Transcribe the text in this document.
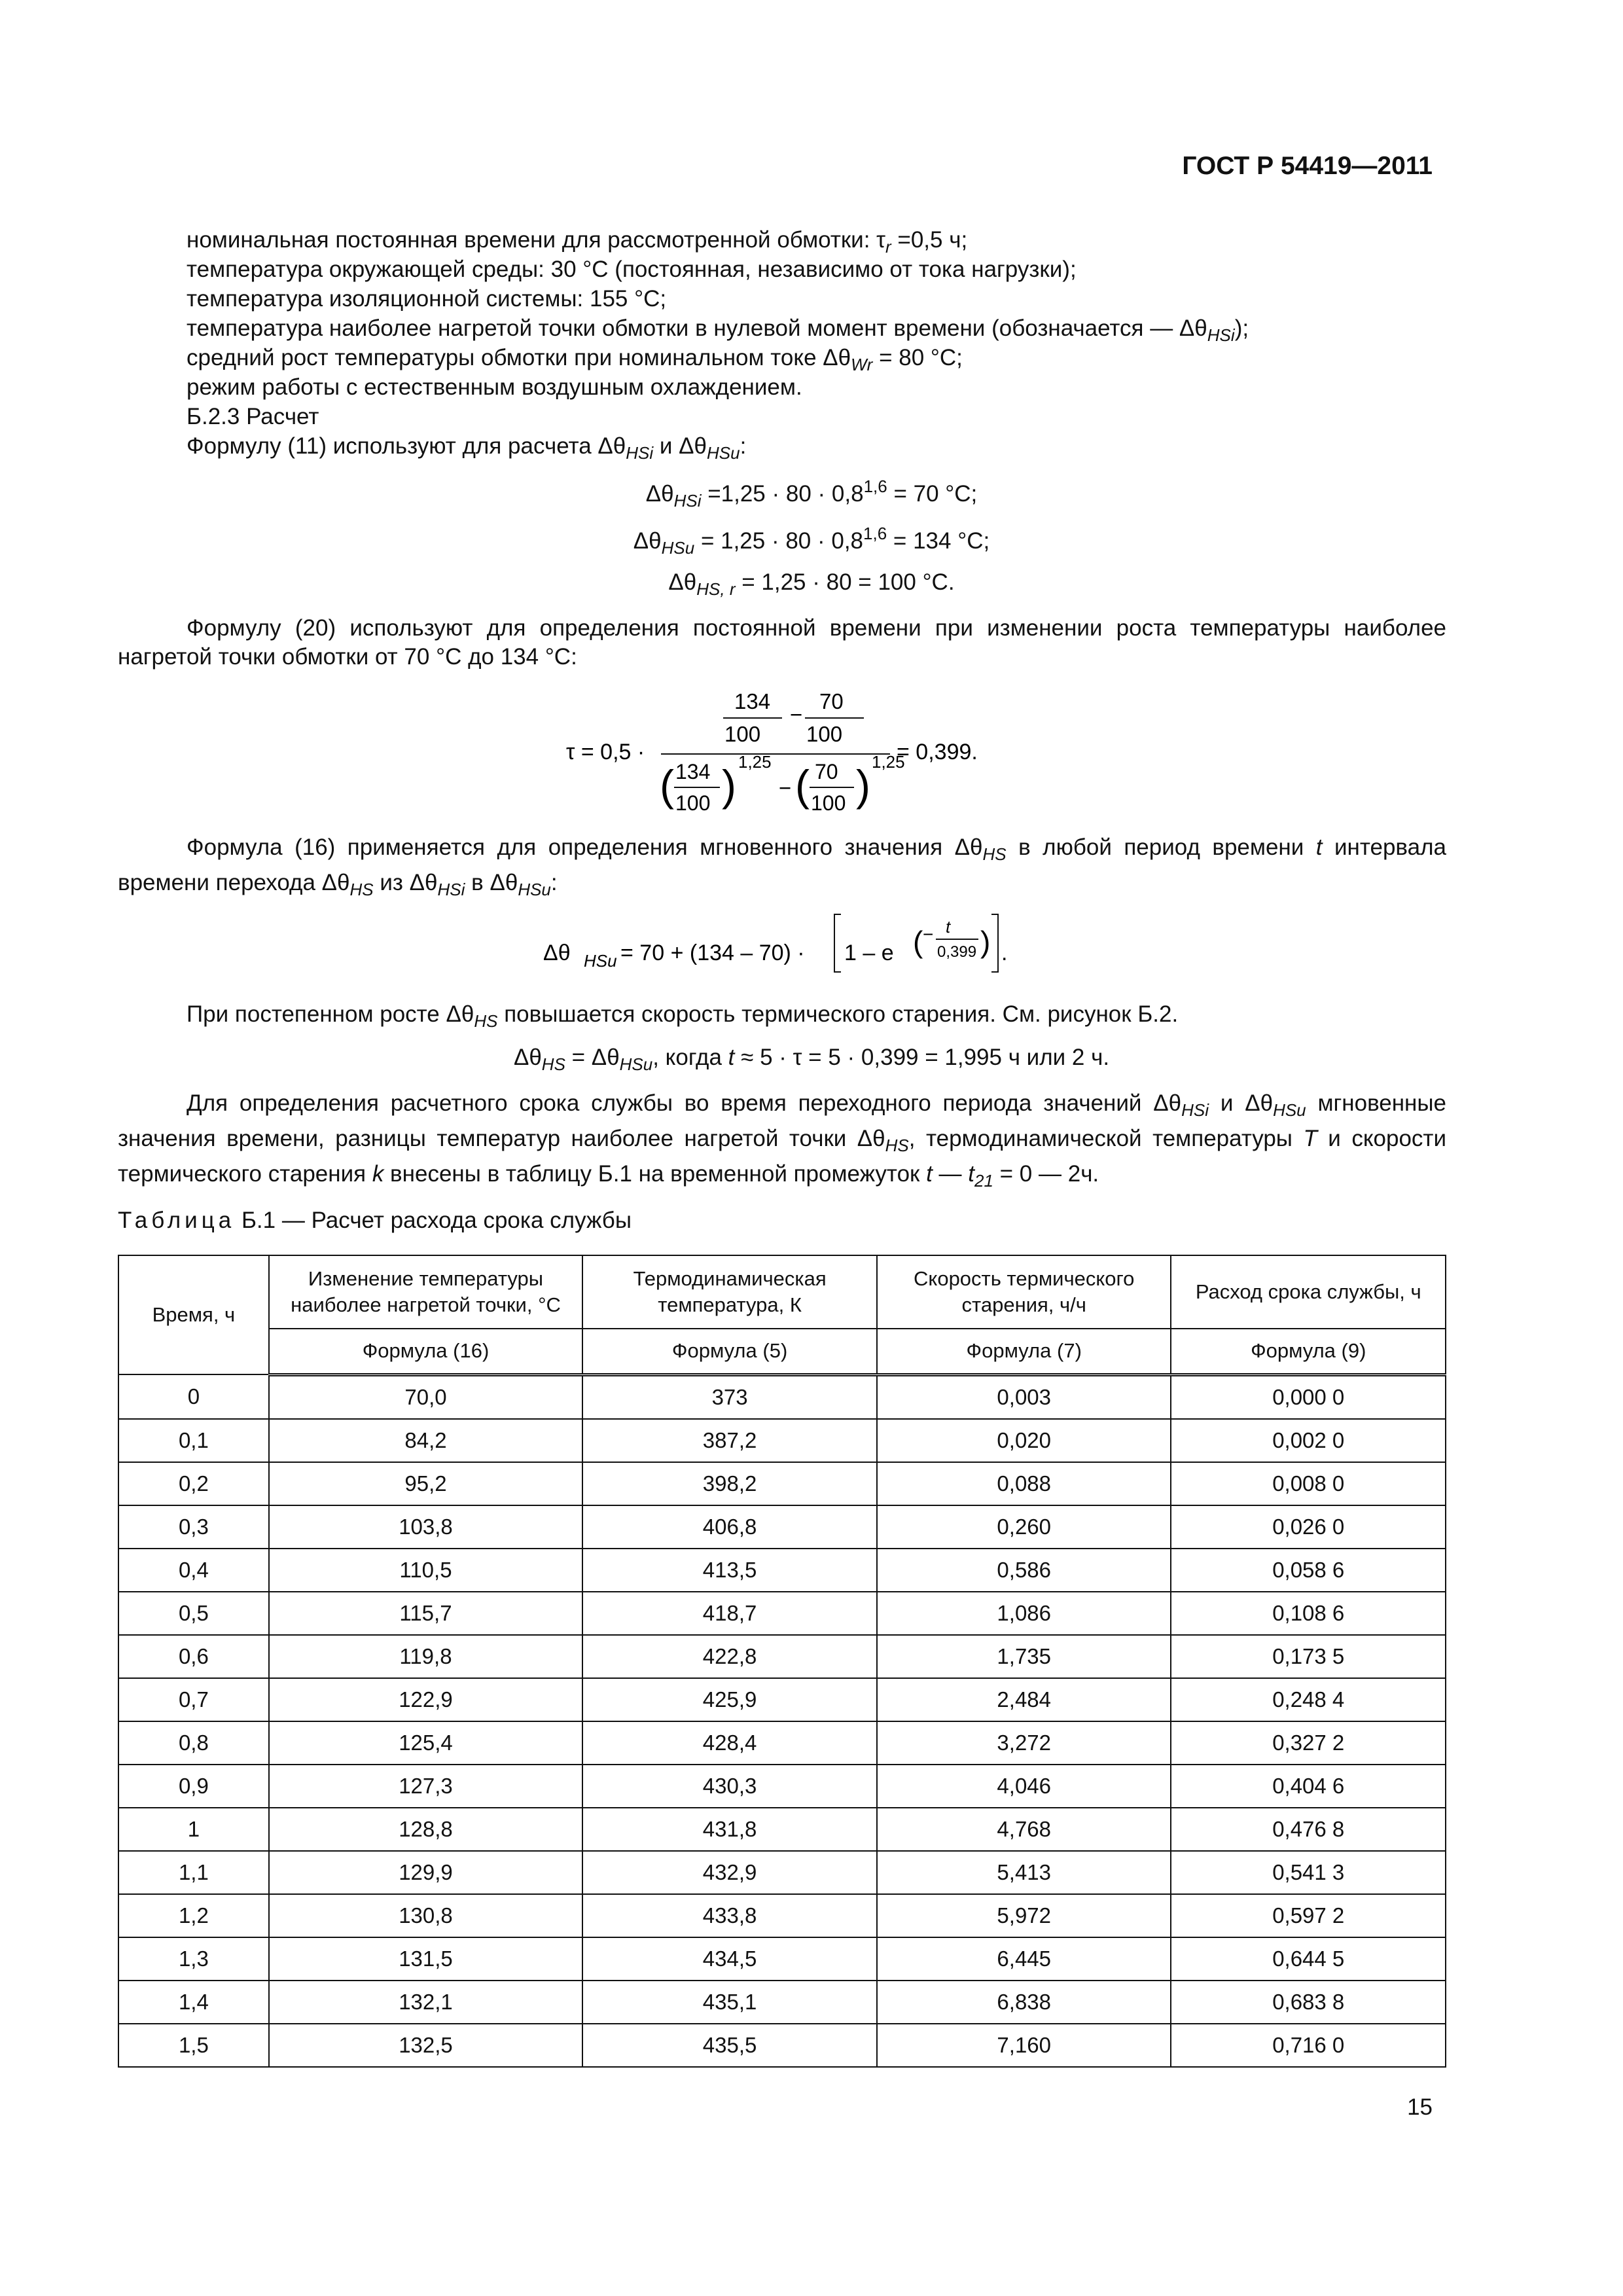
ГОСТ Р 54419—2011
номинальная постоянная времени для рассмотренной обмотки: $\tau_r =0,5$ ч;
температура окружающей среды: 30 °С (постоянная, независимо от тока нагрузки);
температура изоляционной системы: 155 °С;
температура наиболее нагретой точки обмотки в нулевой момент времени (обозначается — $\Delta\theta_{HSi}$);
средний рост температуры обмотки при номинальном токе $\Delta\theta_{Wr} = 80$ °С;
режим работы с естественным воздушным охлаждением.
Б.2.3 Расчет
Формулу (11) используют для расчета $\Delta\theta_{HSi}$ и $\Delta\theta_{HSu}$:
$\Delta\theta_{HSi} =1,25 \cdot 80 \cdot 0,8^{1,6} = 70$ °С;
$\Delta\theta_{HSu} = 1,25 \cdot 80 \cdot 0,8^{1,6} = 134$ °С;
$\Delta\theta_{HS, r} = 1,25 \cdot 80 = 100$ °С.
Формулу (20) используют для определения постоянной времени при изменении роста температуры наиболее нагретой точки обмотки от 70 °С до 134 °С:
τ = 0,5 ·
134
100
−
70
100
( 134
100 ) 1,25
− ( 70
100 ) 1,25
= 0,399.
Формула (16) применяется для определения мгновенного значения $\Delta\theta_{HS}$ в любой период времени t интервала времени перехода $\Delta\theta_{HS}$ из $\Delta\theta_{HSi}$ в $\Delta\theta_{HSu}$:
Δθ HSu = 70 + (134 – 70) · 1 – e ( − t
0,399 ) .
При постепенном росте $\Delta\theta_{HS}$ повышается скорость термического старения. См. рисунок Б.2.
$\Delta\theta_{HS} = \Delta\theta_{HSu}$, когда t ≈ 5 · τ = 5 · 0,399 = 1,995 ч или 2 ч.
Для определения расчетного срока службы во время переходного периода значений $\Delta\theta_{HSi}$ и $\Delta\theta_{HSu}$ мгновенные значения времени, разницы температур наиболее нагретой точки $\Delta\theta_{HS}$, термодинамической температуры T и скорости термического старения k внесены в таблицу Б.1 на временной промежуток t — $t_{21} = 0$ — 2ч.
Таблица Б.1 — Расчет расхода срока службы
Время, ч	Изменение температуры наиболее нагретой точки, °С	Термодинамическая температура, К	Скорость термического старения, ч/ч	Расход срока службы, ч
	Формула (16)	Формула (5)	Формула (7)	Формула (9)
0	70,0	373	0,003	0,000 0
0,1	84,2	387,2	0,020	0,002 0
0,2	95,2	398,2	0,088	0,008 0
0,3	103,8	406,8	0,260	0,026 0
0,4	110,5	413,5	0,586	0,058 6
0,5	115,7	418,7	1,086	0,108 6
0,6	119,8	422,8	1,735	0,173 5
0,7	122,9	425,9	2,484	0,248 4
0,8	125,4	428,4	3,272	0,327 2
0,9	127,3	430,3	4,046	0,404 6
1	128,8	431,8	4,768	0,476 8
1,1	129,9	432,9	5,413	0,541 3
1,2	130,8	433,8	5,972	0,597 2
1,3	131,5	434,5	6,445	0,644 5
1,4	132,1	435,1	6,838	0,683 8
1,5	132,5	435,5	7,160	0,716 0
15
